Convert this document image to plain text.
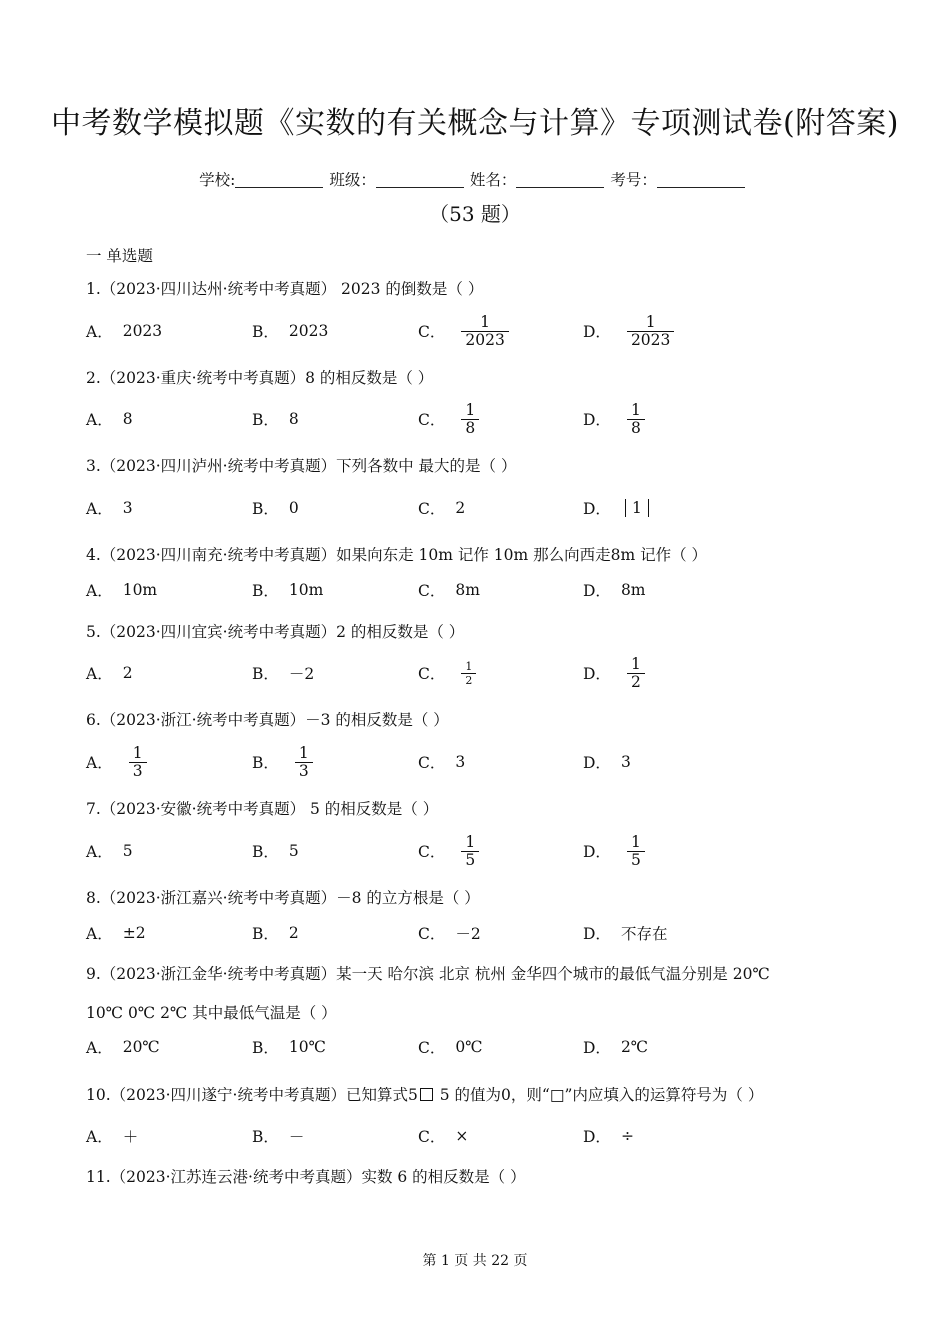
中考数学模拟题《实数的有关概念与计算》专项测试卷(附答案)
学校:	班级：	姓名：	考号：
（53 题）
一 单选题
1.（2023·四川达州·统考中考真题） 2023 的倒数是（ ）
A． 2023	B． 2023	C． $\frac{1}{2023}$	D． $\frac{1}{2023}$
2.（2023·重庆·统考中考真题）8 的相反数是（ ）
A． 8	B． 8	C． $\frac{1}{8}$	D． $\frac{1}{8}$
3.（2023·四川泸州·统考中考真题）下列各数中 最大的是（ ）
A． 3	B． 0	C． 2	D．	1
4.（2023·四川南充·统考中考真题）如果向东走 10m 记作 10m 那么向西走8m 记作（ ）
A． 10m	B． 10m	C． 8m	D． 8m
5.（2023·四川宜宾·统考中考真题）2 的相反数是（ ）
A． 2	B． －2	C． $\frac{1}{2}$	D． $\frac{1}{2}$
6.（2023·浙江·统考中考真题）－3 的相反数是（ ）
A． $\frac{1}{3}$	B． $\frac{1}{3}$	C． 3	D． 3
7.（2023·安徽·统考中考真题） 5 的相反数是（ ）
A． 5	B． 5	C． $\frac{1}{5}$	D． $\frac{1}{5}$
8.（2023·浙江嘉兴·统考中考真题）－8 的立方根是（ ）
A． ±2	B． 2	C． －2	D． 不存在
9.（2023·浙江金华·统考中考真题）某一天 哈尔滨 北京 杭州 金华四个城市的最低气温分别是 20℃
10℃ 0℃ 2℃ 其中最低气温是（ ）
A． 20℃	B． 10℃	C． 0℃	D． 2℃
10.（2023·四川遂宁·统考中考真题）已知算式5 5 的值为0，则“□”内应填入的运算符号为（ ）
A． ＋	B． －	C． ×	D． ÷
11.（2023·江苏连云港·统考中考真题）实数 6 的相反数是（ ）
第 1 页 共 22 页
